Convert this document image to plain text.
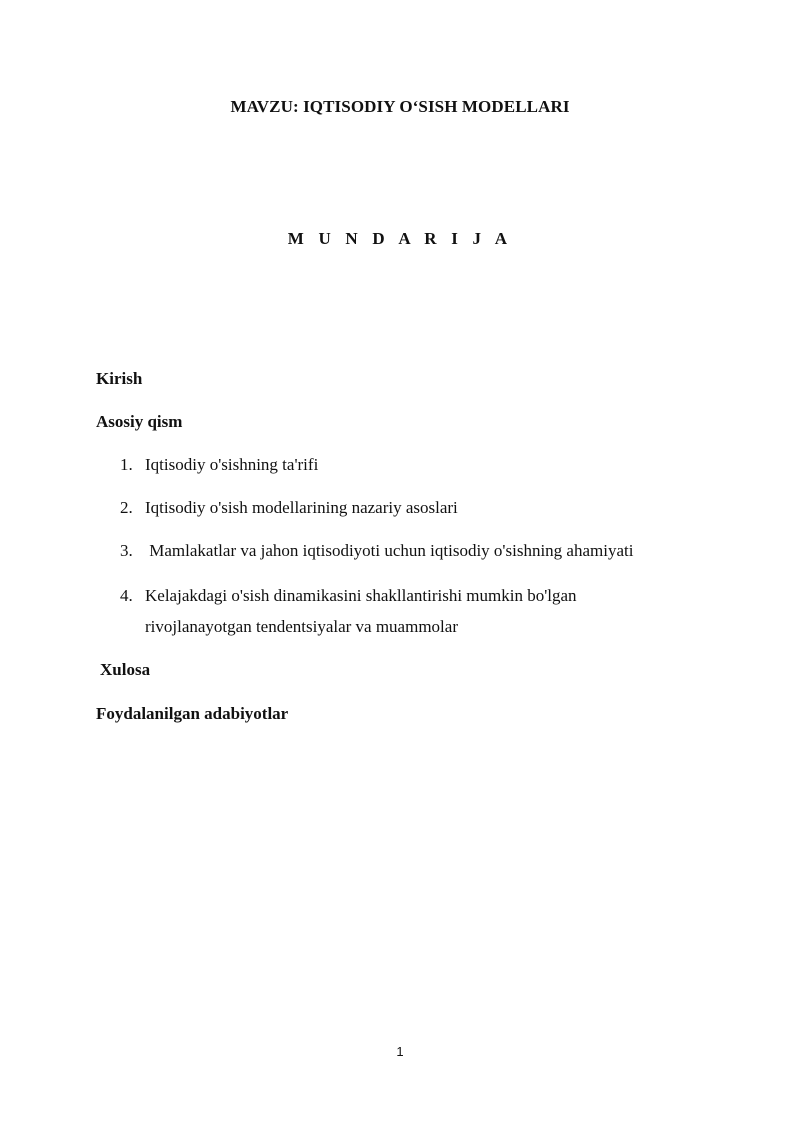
MAVZU: IQTISODIY O‘SISH MODELLARI
M U N D A R I J A
Kirish
Asosiy qism
1. Iqtisodiy o'sishning ta'rifi
2. Iqtisodiy o'sish modellarining nazariy asoslari
3. Mamlakatlar va jahon iqtisodiyoti uchun iqtisodiy o'sishning ahamiyati
4. Kelajakdagi o'sish dinamikasini shakllantirishi mumkin bo'lgan rivojlanayotgan tendentsiyalar va muammolar
Xulosa
Foydalanilgan adabiyotlar
1
